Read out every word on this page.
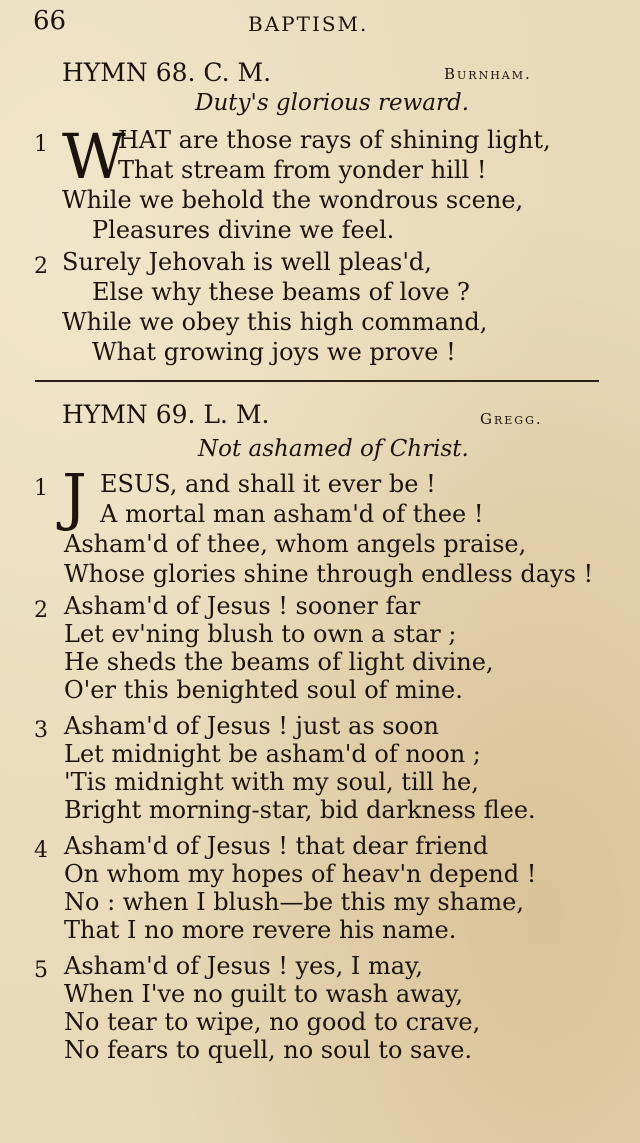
66	BAPTISM.
HYMN 68. C. M.	Burnham.
Duty's glorious reward.
1 W
HAT are those rays of shining light,
That stream from yonder hill !
While we behold the wondrous scene,
Pleasures divine we feel.
2 Surely Jehovah is well pleas'd,
Else why these beams of love ?
While we obey this high command,
What growing joys we prove !
HYMN 69. L. M.	Gregg.
Not ashamed of Christ.
1 J ESUS, and shall it ever be !
A mortal man asham'd of thee !
Asham'd of thee, whom angels praise,
Whose glories shine through endless days !
2 Asham'd of Jesus ! sooner far
Let ev'ning blush to own a star ;
He sheds the beams of light divine,
O'er this benighted soul of mine.
3 Asham'd of Jesus ! just as soon
Let midnight be asham'd of noon ;
'Tis midnight with my soul, till he,
Bright morning-star, bid darkness flee.
4 Asham'd of Jesus ! that dear friend
On whom my hopes of heav'n depend !
No : when I blush—be this my shame,
That I no more revere his name.
5 Asham'd of Jesus ! yes, I may,
When I've no guilt to wash away,
No tear to wipe, no good to crave,
No fears to quell, no soul to save.
